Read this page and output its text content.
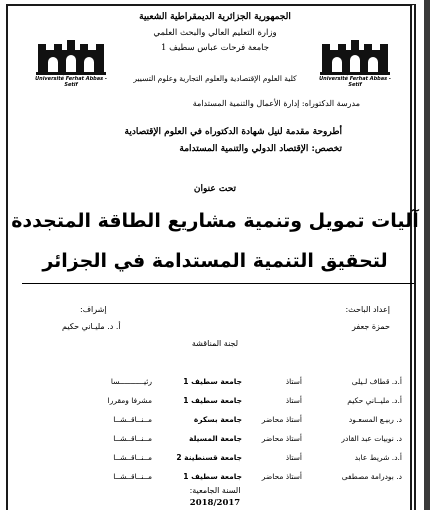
Université Ferhat Abbas - Setif
Université Ferhat Abbas - Setif
الجمهورية الجزائرية الديمقراطية الشعبية
وزارة التعليم العالي والبحث العلمي
جامعة فرحات عباس سطيف 1
كلية العلوم الإقتصادية والعلوم التجارية وعلوم التسيير
مدرسة الدكتوراه: إدارة الأعمال والتنمية المستدامة
أطروحة مقدمة لنيل شهادة الدكتوراه في العلوم الإقتصادية
تخصص: الإقتصاد الدولي والتنمية المستدامة
تحت عنوان
آليات تمويل وتنمية مشاريع الطاقة المتجددة
لتحقيق التنمية المستدامة في الجزائر
إعداد الباحث:
حمزة جعفر
إشراف:
أ. د. مليـاني حكيم
لجنة المناقشة
أ.د. قطاف لـيلى
أستاذ
جامعة سطيف 1
رئيـــــــــــسا
أ.د. مليــاني حكيم
أستاذ
جامعة سطيف 1
مشرفا ومقررا
د. ربيـع المسعـود
أستاذ محاضر
جامعة بسكرة
مــنــاقــشــا
د. نوبيات عبد القادر
أستاذ محاضر
جامعة المسيلة
مــنــاقــشــا
أ.د. شريط عابد
أستاذ
جامعة قسنطينة 2
مــنــاقــشــا
د. بودرامة مصطفى
أستاذ محاضر
جامعة سطيف 1
مــنــاقــشــا
السنة الجامعية:
2018/2017
